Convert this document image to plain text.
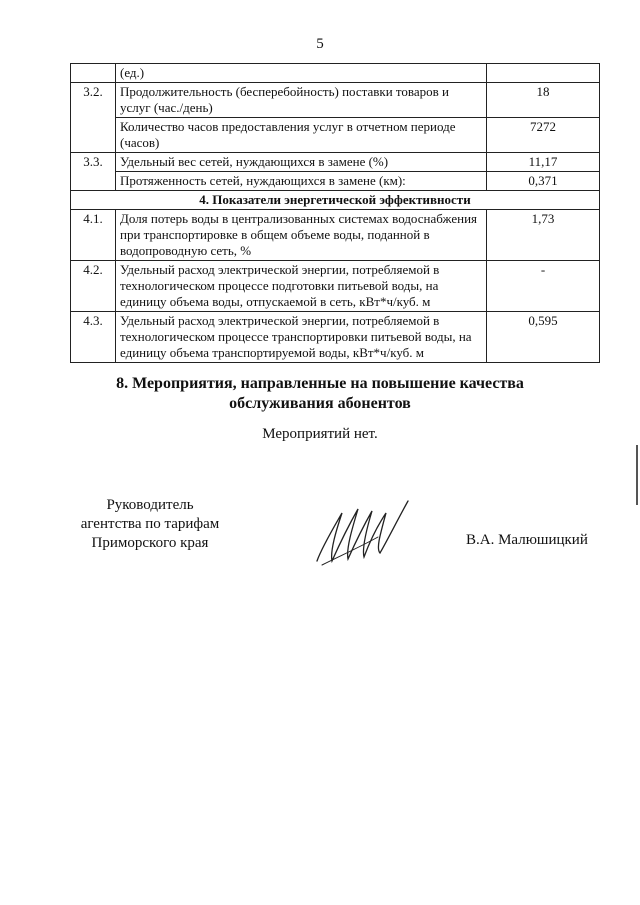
5
	(ед.)	
3.2.	Продолжительность (бесперебойность) поставки товаров и услуг (час./день)	18
	Количество часов предоставления услуг в отчетном периоде (часов)	7272
3.3.	Удельный вес сетей, нуждающихся в замене (%)	11,17
	Протяженность сетей, нуждающихся в замене (км):	0,371
4. Показатели энергетической эффективности		
4.1.	Доля потерь воды в централизованных системах водоснабжения при транспортировке в общем объеме воды, поданной в водопроводную сеть, %	1,73
4.2.	Удельный расход электрической энергии, потребляемой в технологическом процессе подготовки питьевой воды, на единицу объема воды, отпускаемой в сеть, кВт*ч/куб. м	-
4.3.	Удельный расход электрической энергии, потребляемой в технологическом процессе транспортировки питьевой воды, на единицу объема транспортируемой воды, кВт*ч/куб. м	0,595
8. Мероприятия, направленные на повышение качества
обслуживания абонентов
Мероприятий нет.
Руководитель
агентства по тарифам
Приморского края	В.А. Малюшицкий
